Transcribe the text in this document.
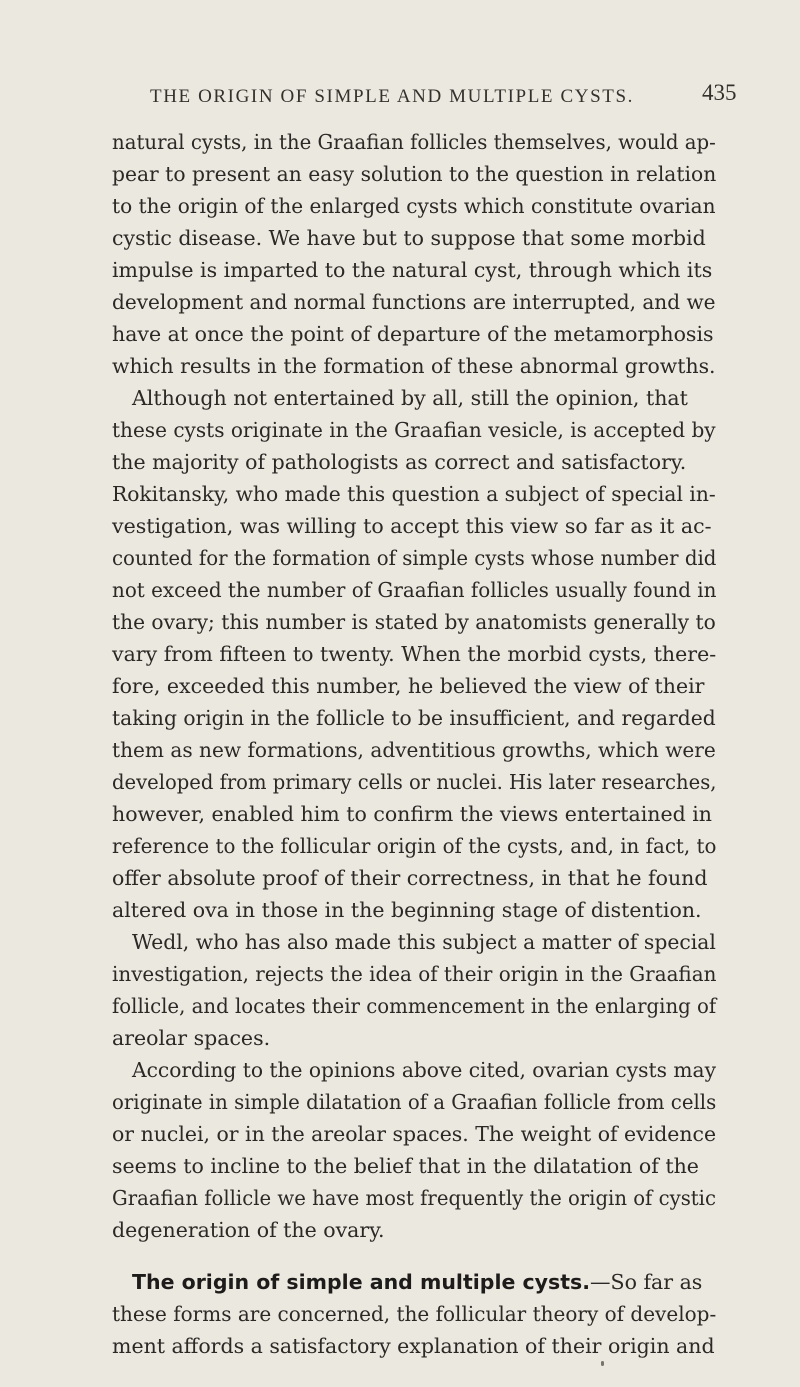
THE ORIGIN OF SIMPLE AND MULTIPLE CYSTS.	435
natural cysts, in the Graafian follicles themselves, would ap-
pear to present an easy solution to the question in relation
to the origin of the enlarged cysts which constitute ovarian
cystic disease. We have but to suppose that some morbid
impulse is imparted to the natural cyst, through which its
development and normal functions are interrupted, and we
have at once the point of departure of the metamorphosis
which results in the formation of these abnormal growths.
Although not entertained by all, still the opinion, that
these cysts originate in the Graafian vesicle, is accepted by
the majority of pathologists as correct and satisfactory.
Rokitansky, who made this question a subject of special in-
vestigation, was willing to accept this view so far as it ac-
counted for the formation of simple cysts whose number did
not exceed the number of Graafian follicles usually found in
the ovary; this number is stated by anatomists generally to
vary from fifteen to twenty. When the morbid cysts, there-
fore, exceeded this number, he believed the view of their
taking origin in the follicle to be insufficient, and regarded
them as new formations, adventitious growths, which were
developed from primary cells or nuclei. His later researches,
however, enabled him to confirm the views entertained in
reference to the follicular origin of the cysts, and, in fact, to
offer absolute proof of their correctness, in that he found
altered ova in those in the beginning stage of distention.
Wedl, who has also made this subject a matter of special
investigation, rejects the idea of their origin in the Graafian
follicle, and locates their commencement in the enlarging of
areolar spaces.
According to the opinions above cited, ovarian cysts may
originate in simple dilatation of a Graafian follicle from cells
or nuclei, or in the areolar spaces. The weight of evidence
seems to incline to the belief that in the dilatation of the
Graafian follicle we have most frequently the origin of cystic
degeneration of the ovary.
The origin of simple and multiple cysts.—So far as
these forms are concerned, the follicular theory of develop-
ment affords a satisfactory explanation of their origin and
